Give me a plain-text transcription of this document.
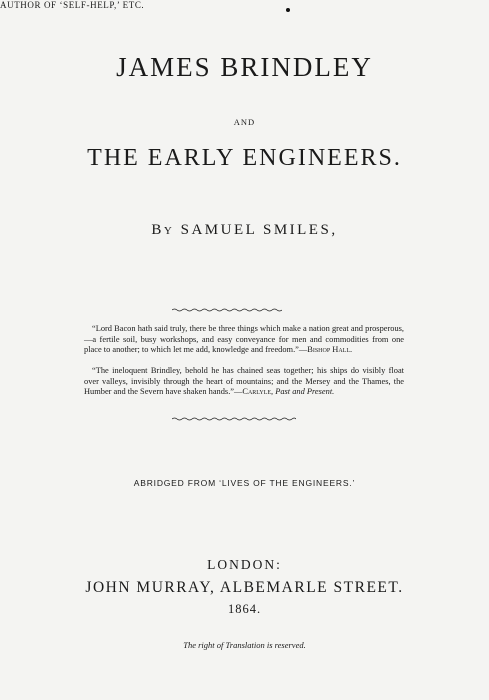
JAMES BRINDLEY
AND
THE EARLY ENGINEERS.
By SAMUEL SMILES,
AUTHOR OF ‘SELF-HELP,’ ETC.

“Lord Bacon hath said truly, there be three things which make a nation great and prosperous,—a fertile soil, busy workshops, and easy conveyance for men and commodities from one place to another; to which let me add, knowledge and freedom.”—Bishop Hall.

“The ineloquent Brindley, behold he has chained seas together; his ships do visibly float over valleys, invisibly through the heart of mountains; and the Mersey and the Thames, the Humber and the Severn have shaken hands.”—Carlyle, Past and Present.

ABRIDGED FROM ‘LIVES OF THE ENGINEERS.’
LONDON:
JOHN MURRAY, ALBEMARLE STREET.
1864.
The right of Translation is reserved.
